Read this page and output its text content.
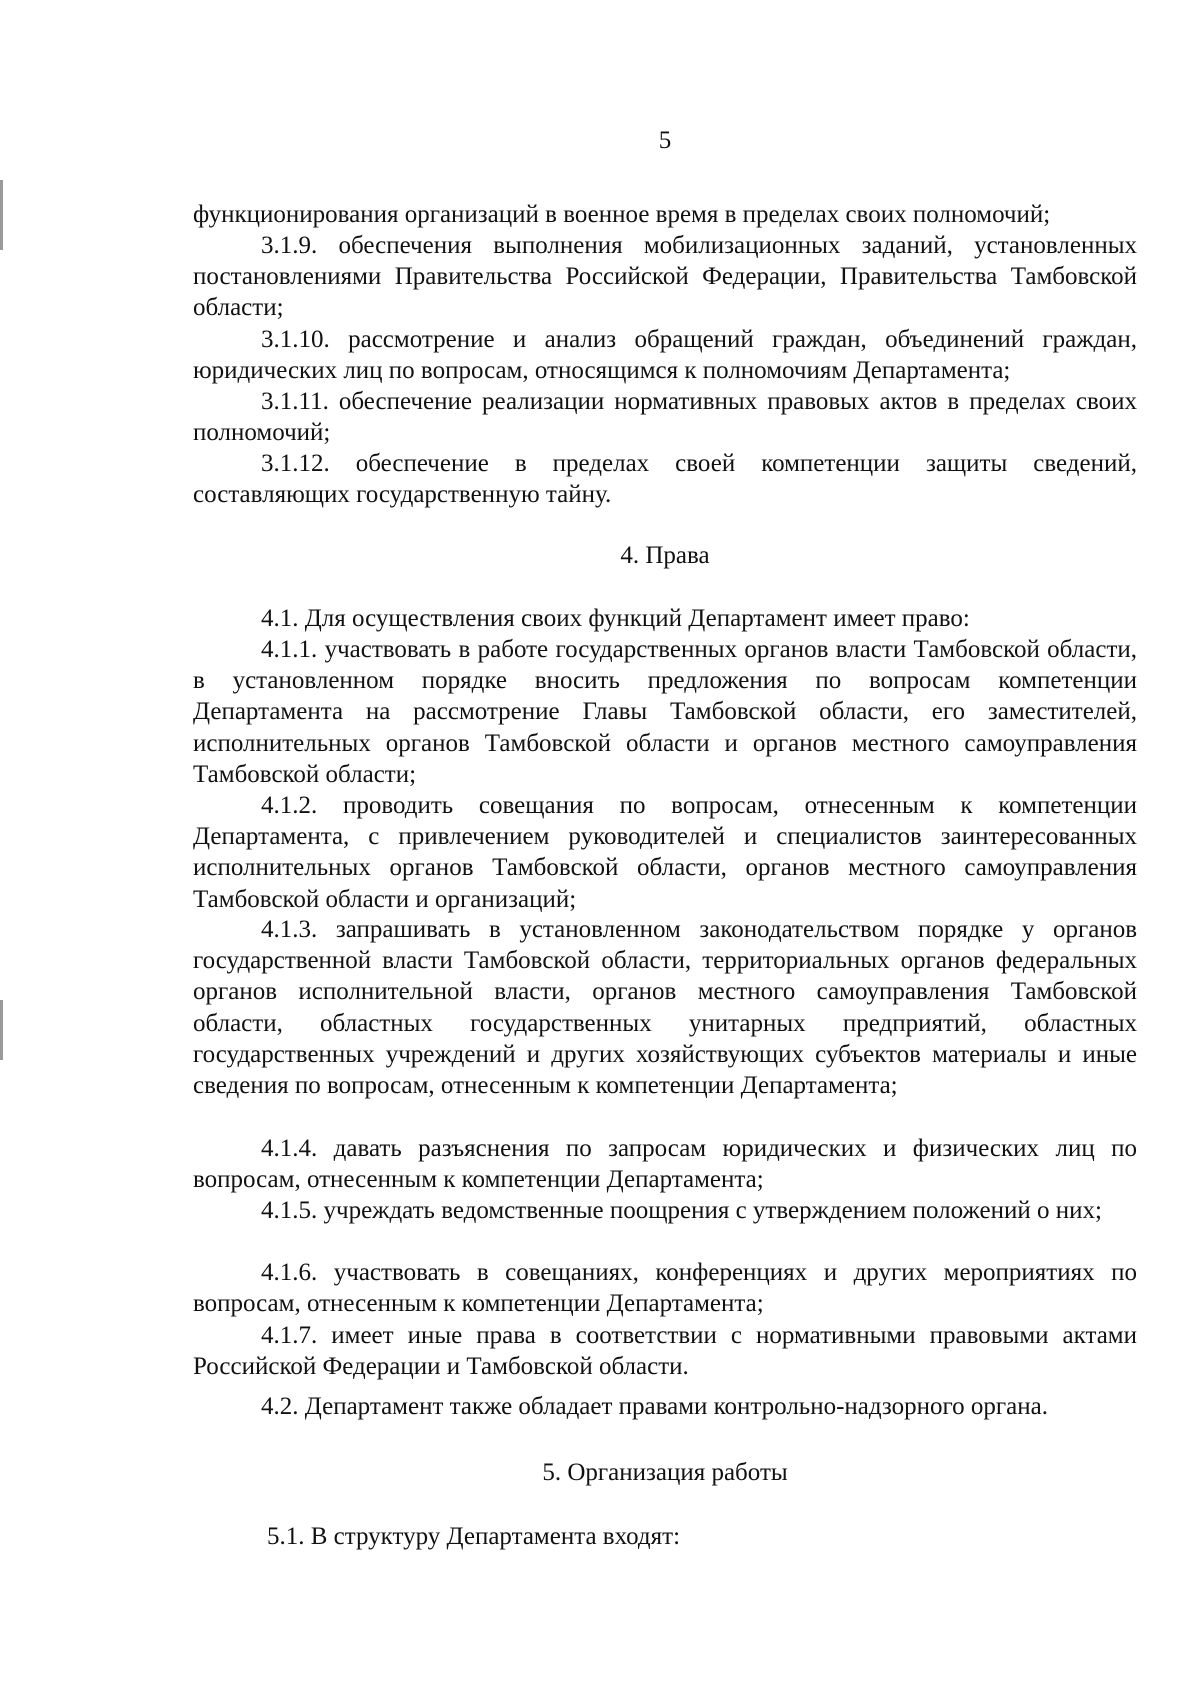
5

функционирования организаций в военное время в пределах своих полномочий;

3.1.9. обеспечения выполнения мобилизационных заданий, установленных постановлениями Правительства Российской Федерации, Правительства Тамбовской области;

3.1.10. рассмотрение и анализ обращений граждан, объединений граждан, юридических лиц по вопросам, относящимся к полномочиям Департамента;

3.1.11. обеспечение реализации нормативных правовых актов в пределах своих полномочий;

3.1.12. обеспечение в пределах своей компетенции защиты сведений, составляющих государственную тайну.

4. Права

4.1. Для осуществления своих функций Департамент имеет право:

4.1.1. участвовать в работе государственных органов власти Тамбовской области, в установленном порядке вносить предложения по вопросам компетенции Департамента на рассмотрение Главы Тамбовской области, его заместителей, исполнительных органов Тамбовской области и органов местного самоуправления Тамбовской области;

4.1.2. проводить совещания по вопросам, отнесенным к компетенции Департамента, с привлечением руководителей и специалистов заинтересованных исполнительных органов Тамбовской области, органов местного самоуправления Тамбовской области и организаций;

4.1.3. запрашивать в установленном законодательством порядке у органов государственной власти Тамбовской области, территориальных органов федеральных органов исполнительной власти, органов местного самоуправления Тамбовской области, областных государственных унитарных предприятий, областных государственных учреждений и других хозяйствующих субъектов материалы и иные сведения по вопросам, отнесенным к компетенции Департамента;

4.1.4. давать разъяснения по запросам юридических и физических лиц по вопросам, отнесенным к компетенции Департамента;

4.1.5. учреждать ведомственные поощрения с утверждением положений о них;

4.1.6. участвовать в совещаниях, конференциях и других мероприятиях по вопросам, отнесенным к компетенции Департамента;

4.1.7. имеет иные права в соответствии с нормативными правовыми актами Российской Федерации и Тамбовской области.

4.2. Департамент также обладает правами контрольно-надзорного органа.

5. Организация работы

5.1. В структуру Департамента входят:
